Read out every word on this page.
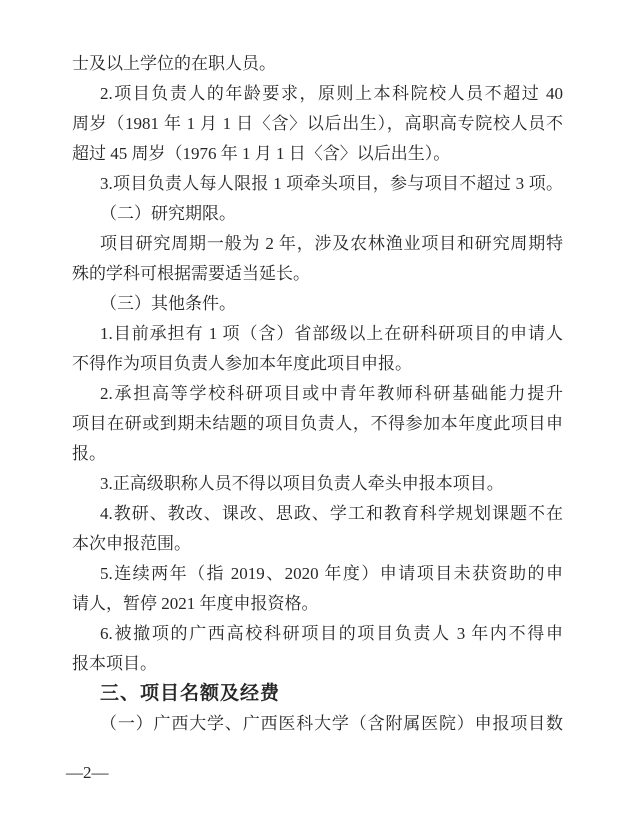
士及以上学位的在职人员。
2.项目负责人的年龄要求，原则上本科院校人员不超过 40
周岁（1981 年 1 月 1 日〈含〉以后出生），高职高专院校人员不
超过 45 周岁（1976 年 1 月 1 日〈含〉以后出生）。
3.项目负责人每人限报 1 项牵头项目，参与项目不超过 3 项。
（二）研究期限。
项目研究周期一般为 2 年，涉及农林渔业项目和研究周期特
殊的学科可根据需要适当延长。
（三）其他条件。
1.目前承担有 1 项（含）省部级以上在研科研项目的申请人
不得作为项目负责人参加本年度此项目申报。
2.承担高等学校科研项目或中青年教师科研基础能力提升
项目在研或到期未结题的项目负责人，不得参加本年度此项目申
报。
3.正高级职称人员不得以项目负责人牵头申报本项目。
4.教研、教改、课改、思政、学工和教育科学规划课题不在
本次申报范围。
5.连续两年（指 2019、2020 年度）申请项目未获资助的申
请人，暂停 2021 年度申报资格。
6.被撤项的广西高校科研项目的项目负责人 3 年内不得申
报本项目。
三、项目名额及经费
（一）广西大学、广西医科大学（含附属医院）申报项目数
—2—
